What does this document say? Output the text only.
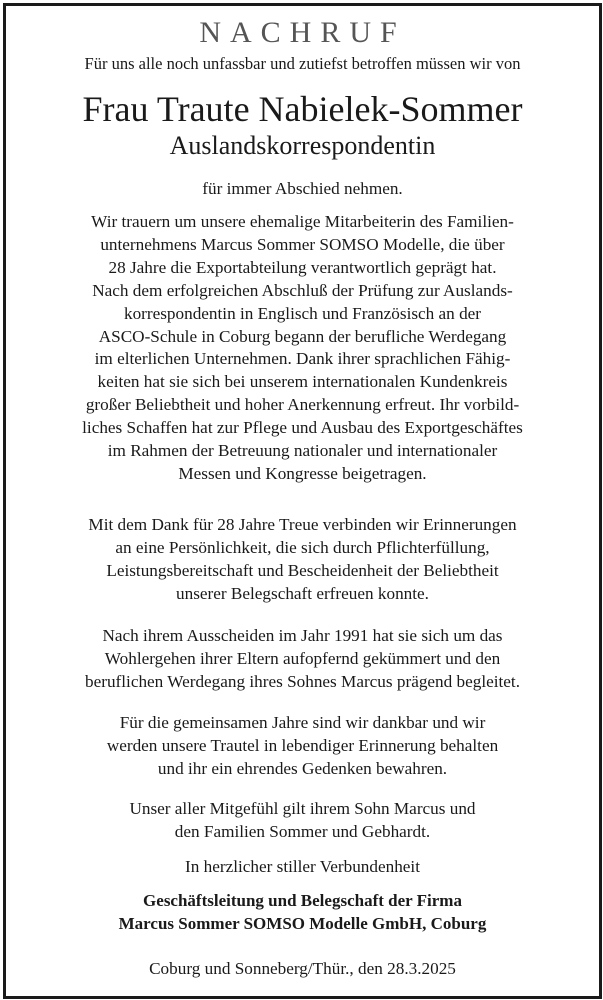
NACHRUF
Für uns alle noch unfassbar und zutiefst betroffen müssen wir von
Frau Traute Nabielek-Sommer
Auslandskorrespondentin
für immer Abschied nehmen.
Wir trauern um unsere ehemalige Mitarbeiterin des Familien-
unternehmens Marcus Sommer SOMSO Modelle, die über
28 Jahre die Exportabteilung verantwortlich geprägt hat.
Nach dem erfolgreichen Abschluß der Prüfung zur Auslands-
korrespondentin in Englisch und Französisch an der
ASCO-Schule in Coburg begann der berufliche Werdegang
im elterlichen Unternehmen. Dank ihrer sprachlichen Fähig-
keiten hat sie sich bei unserem internationalen Kundenkreis
großer Beliebtheit und hoher Anerkennung erfreut. Ihr vorbild-
liches Schaffen hat zur Pflege und Ausbau des Exportgeschäftes
im Rahmen der Betreuung nationaler und internationaler
Messen und Kongresse beigetragen.
Mit dem Dank für 28 Jahre Treue verbinden wir Erinnerungen
an eine Persönlichkeit, die sich durch Pflichterfüllung,
Leistungsbereitschaft und Bescheidenheit der Beliebtheit
unserer Belegschaft erfreuen konnte.
Nach ihrem Ausscheiden im Jahr 1991 hat sie sich um das
Wohlergehen ihrer Eltern aufopfernd gekümmert und den
beruflichen Werdegang ihres Sohnes Marcus prägend begleitet.
Für die gemeinsamen Jahre sind wir dankbar und wir
werden unsere Trautel in lebendiger Erinnerung behalten
und ihr ein ehrendes Gedenken bewahren.
Unser aller Mitgefühl gilt ihrem Sohn Marcus und
den Familien Sommer und Gebhardt.
In herzlicher stiller Verbundenheit
Geschäftsleitung und Belegschaft der Firma
Marcus Sommer SOMSO Modelle GmbH, Coburg
Coburg und Sonneberg/Thür., den 28.3.2025
